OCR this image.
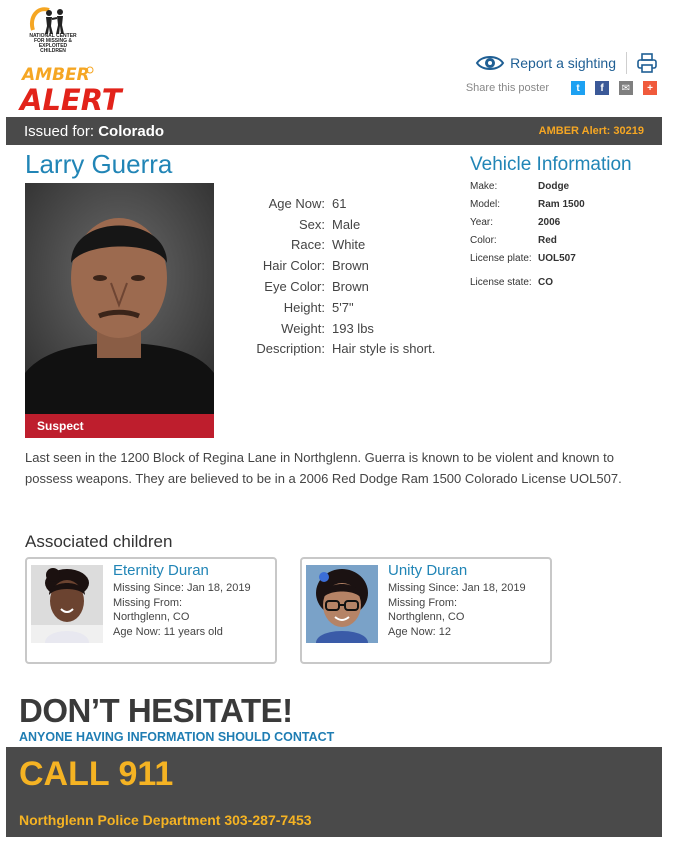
NATIONAL CENTER FOR MISSING & EXPLOITED CHILDREN
AMBER
ALERT
Report a sighting
Share this poster	t f ✉ +
Issued for: Colorado	AMBER Alert: 30219
Larry Guerra
Suspect
Age Now: 61
Sex: Male
Race: White
Hair Color: Brown
Eye Color: Brown
Height: 5'7"
Weight: 193 lbs
Description: Hair style is short.
Vehicle Information
Make:	Dodge
Model:	Ram 1500
Year:	2006
Color:	Red
License plate: UOL507
License state: CO
Last seen in the 1200 Block of Regina Lane in Northglenn. Guerra is known to be violent and known to possess weapons. They are believed to be in a 2006 Red Dodge Ram 1500 Colorado License UOL507.
Associated children
Eternity Duran
Missing Since: Jan 18, 2019
Missing From:
Northglenn, CO
Age Now: 11 years old
Unity Duran
Missing Since: Jan 18, 2019
Missing From:
Northglenn, CO
Age Now: 12
DON’T HESITATE!
ANYONE HAVING INFORMATION SHOULD CONTACT
CALL 911
Northglenn Police Department 303-287-7453
